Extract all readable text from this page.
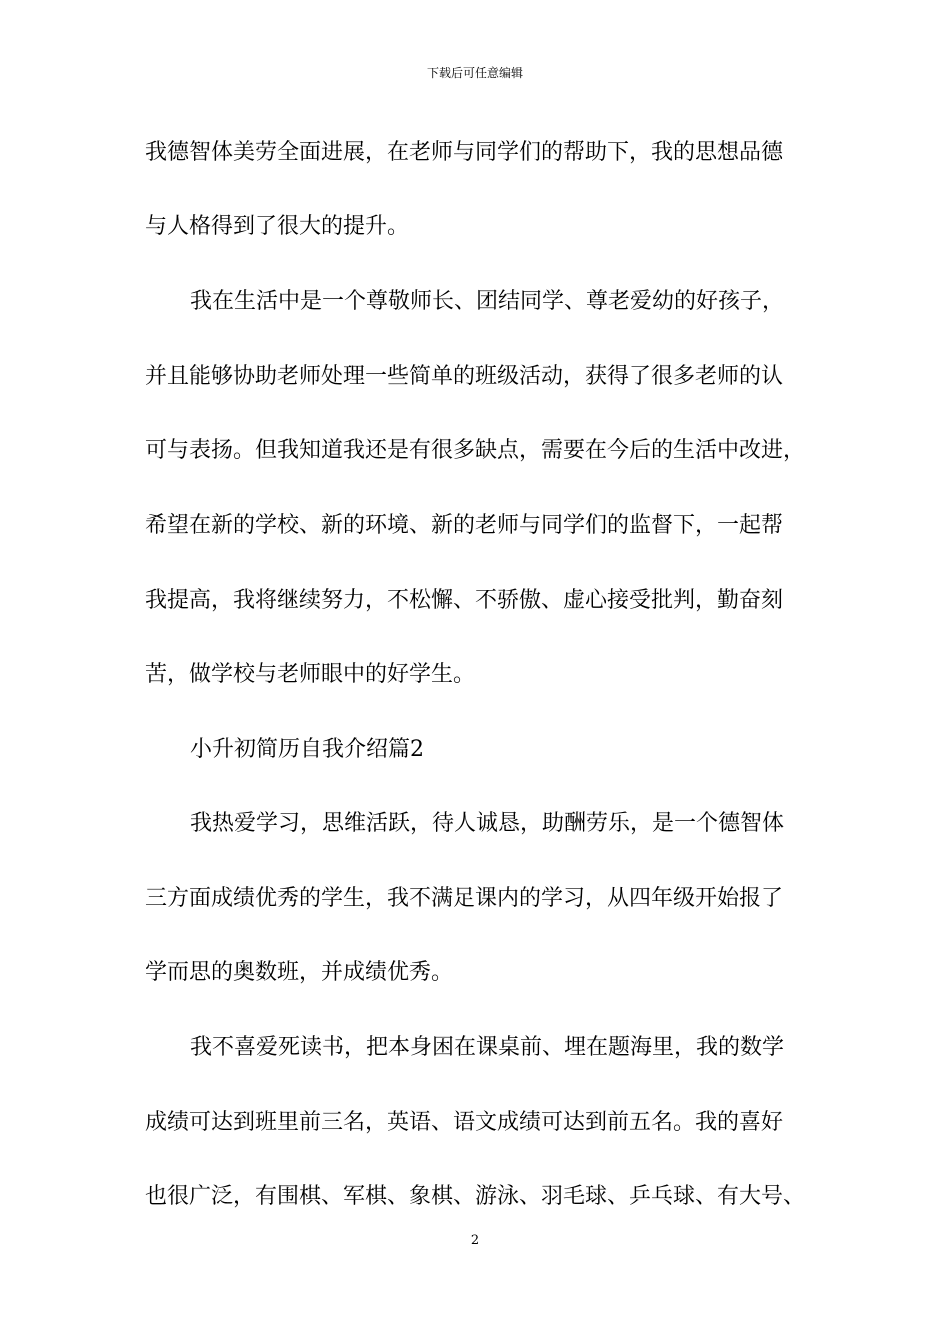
下载后可任意编辑
我德智体美劳全面进展，在老师与同学们的帮助下，我的思想品德
与人格得到了很大的提升。
我在生活中是一个尊敬师长、团结同学、尊老爱幼的好孩子，
并且能够协助老师处理一些简单的班级活动，获得了很多老师的认
可与表扬。但我知道我还是有很多缺点，需要在今后的生活中改进，
希望在新的学校、新的环境、新的老师与同学们的监督下，一起帮
我提高，我将继续努力，不松懈、不骄傲、虚心接受批判，勤奋刻
苦，做学校与老师眼中的好学生。
小升初简历自我介绍篇2
我热爱学习，思维活跃，待人诚恳，助酬劳乐，是一个德智体
三方面成绩优秀的学生，我不满足课内的学习，从四年级开始报了
学而思的奥数班，并成绩优秀。
我不喜爱死读书，把本身困在课桌前、埋在题海里，我的数学
成绩可达到班里前三名，英语、语文成绩可达到前五名。我的喜好
也很广泛，有围棋、军棋、象棋、游泳、羽毛球、乒乓球、有大号、
2
